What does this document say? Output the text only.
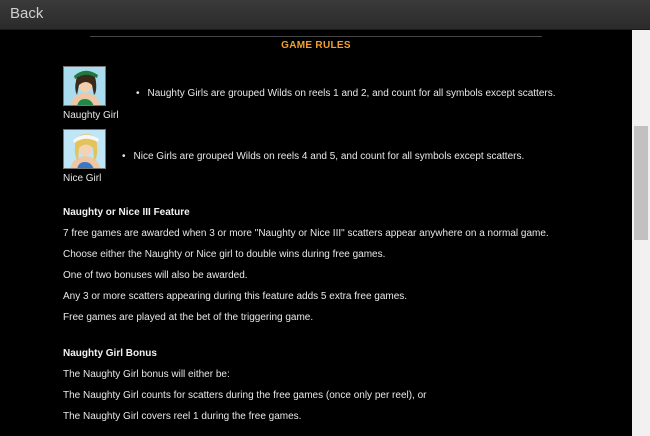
Back
GAME RULES
Naughty Girl
• Naughty Girls are grouped Wilds on reels 1 and 2, and count for all symbols except scatters.
Nice Girl
• Nice Girls are grouped Wilds on reels 4 and 5, and count for all symbols except scatters.
Naughty or Nice III Feature
7 free games are awarded when 3 or more "Naughty or Nice III" scatters appear anywhere on a normal game.
Choose either the Naughty or Nice girl to double wins during free games.
One of two bonuses will also be awarded.
Any 3 or more scatters appearing during this feature adds 5 extra free games.
Free games are played at the bet of the triggering game.
Naughty Girl Bonus
The Naughty Girl bonus will either be:
The Naughty Girl counts for scatters during the free games (once only per reel), or
The Naughty Girl covers reel 1 during the free games.
